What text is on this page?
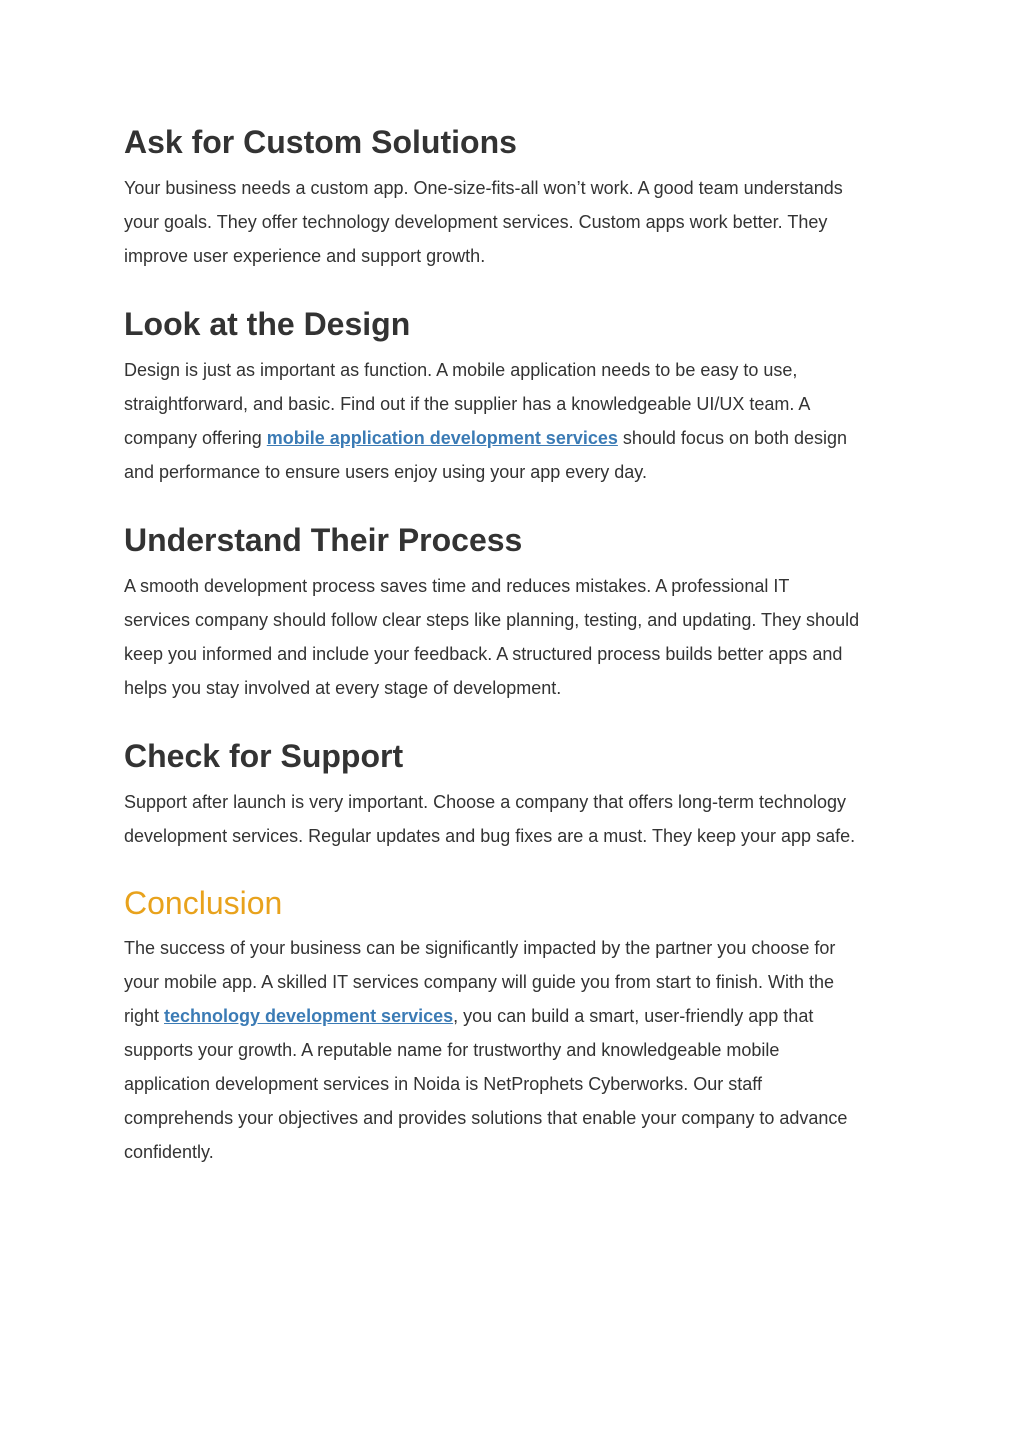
Ask for Custom Solutions

Your business needs a custom app. One-size-fits-all won’t work. A good team understands
your goals. They offer technology development services. Custom apps work better. They
improve user experience and support growth.

Look at the Design

Design is just as important as function. A mobile application needs to be easy to use,
straightforward, and basic. Find out if the supplier has a knowledgeable UI/UX team. A
company offering mobile application development services should focus on both design
and performance to ensure users enjoy using your app every day.

Understand Their Process

A smooth development process saves time and reduces mistakes. A professional IT
services company should follow clear steps like planning, testing, and updating. They should
keep you informed and include your feedback. A structured process builds better apps and
helps you stay involved at every stage of development.

Check for Support

Support after launch is very important. Choose a company that offers long-term technology
development services. Regular updates and bug fixes are a must. They keep your app safe.

Conclusion

The success of your business can be significantly impacted by the partner you choose for
your mobile app. A skilled IT services company will guide you from start to finish. With the
right technology development services, you can build a smart, user-friendly app that
supports your growth. A reputable name for trustworthy and knowledgeable mobile
application development services in Noida is NetProphets Cyberworks. Our staff
comprehends your objectives and provides solutions that enable your company to advance
confidently.
